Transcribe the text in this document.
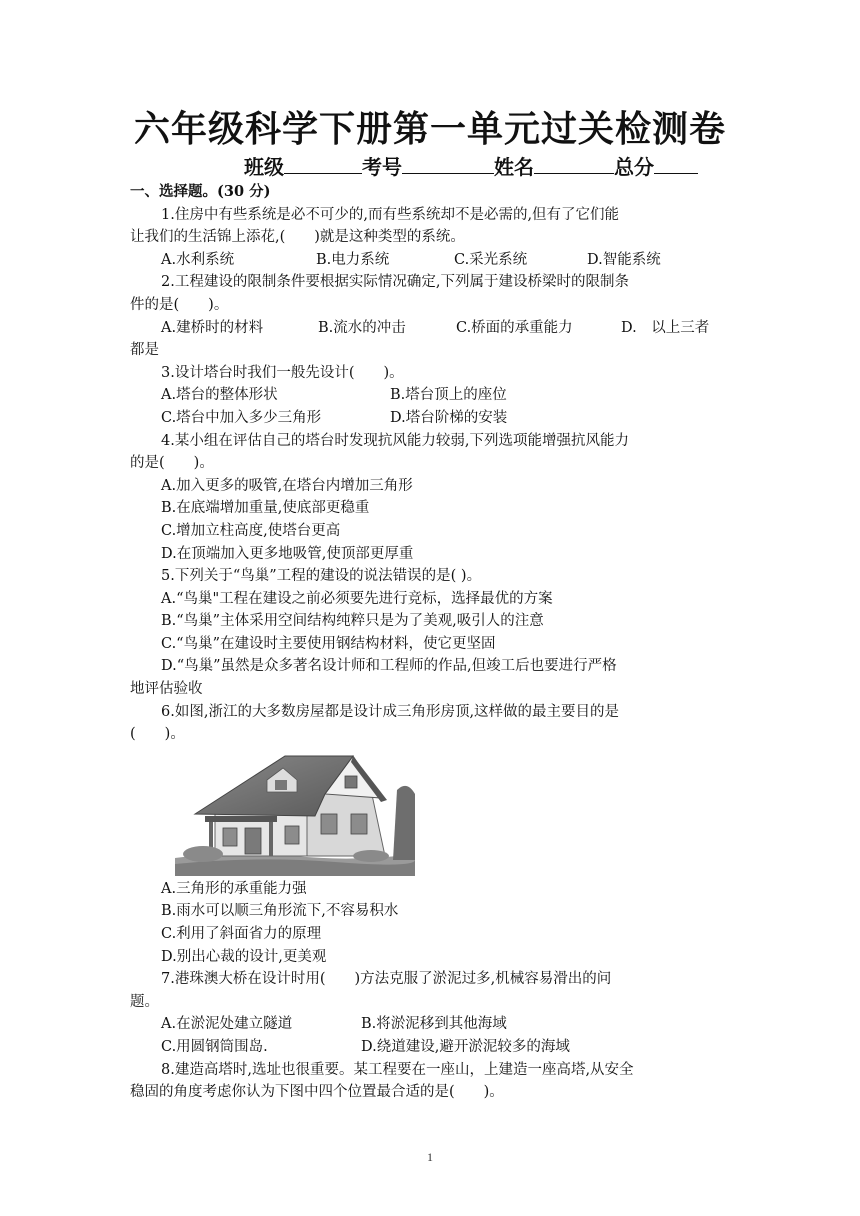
六年级科学下册第一单元过关检测卷
班级	考号	姓名	总分

一、选择题。(30 分)

1.住房中有些系统是必不可少的,而有些系统却不是必需的,但有了它们能

让我们的生活锦上添花,(　　)就是这种类型的系统。

A.水利系统	B.电力系统	C.采光系统	D.智能系统

2.工程建设的限制条件要根据实际情况确定,下列属于建设桥梁时的限制条

件的是(　　)。

A.建桥时的材料	B.流水的冲击	C.桥面的承重能力	D.　以上三者

都是

3.设计塔台时我们一般先设计(　　)。

A.塔台的整体形状	B.塔台顶上的座位
C.塔台中加入多少三角形	D.塔台阶梯的安装

4.某小组在评估自己的塔台时发现抗风能力较弱,下列选项能增强抗风能力

的是(　　)。

A.加入更多的吸管,在塔台内增加三角形

B.在底端增加重量,使底部更稳重

C.增加立柱高度,使塔台更高

D.在顶端加入更多地吸管,使顶部更厚重

5.下列关于“鸟巢”工程的建设的说法错误的是( )。

A.“鸟巢"工程在建设之前必须要先进行竞标，选择最优的方案

B.“鸟巢”主体采用空间结构纯粹只是为了美观,吸引人的注意

C.“鸟巢”在建设时主要使用钢结构材料，使它更坚固

D.“鸟巢”虽然是众多著名设计师和工程师的作品,但竣工后也要进行严格

地评估验收

6.如图,浙江的大多数房屋都是设计成三角形房顶,这样做的最主要目的是

(　　)。

A.三角形的承重能力强

B.雨水可以顺三角形流下,不容易积水

C.利用了斜面省力的原理

D.别出心裁的设计,更美观

7.港珠澳大桥在设计时用(　　)方法克服了淤泥过多,机械容易滑出的问

题。

A.在淤泥处建立隧道	B.将淤泥移到其他海域
C.用圆钢筒围岛.	D.绕道建设,避开淤泥较多的海域

8.建造高塔时,选址也很重要。某工程要在一座山，上建造一座高塔,从安全

稳固的角度考虑你认为下图中四个位置最合适的是(　　)。

1
